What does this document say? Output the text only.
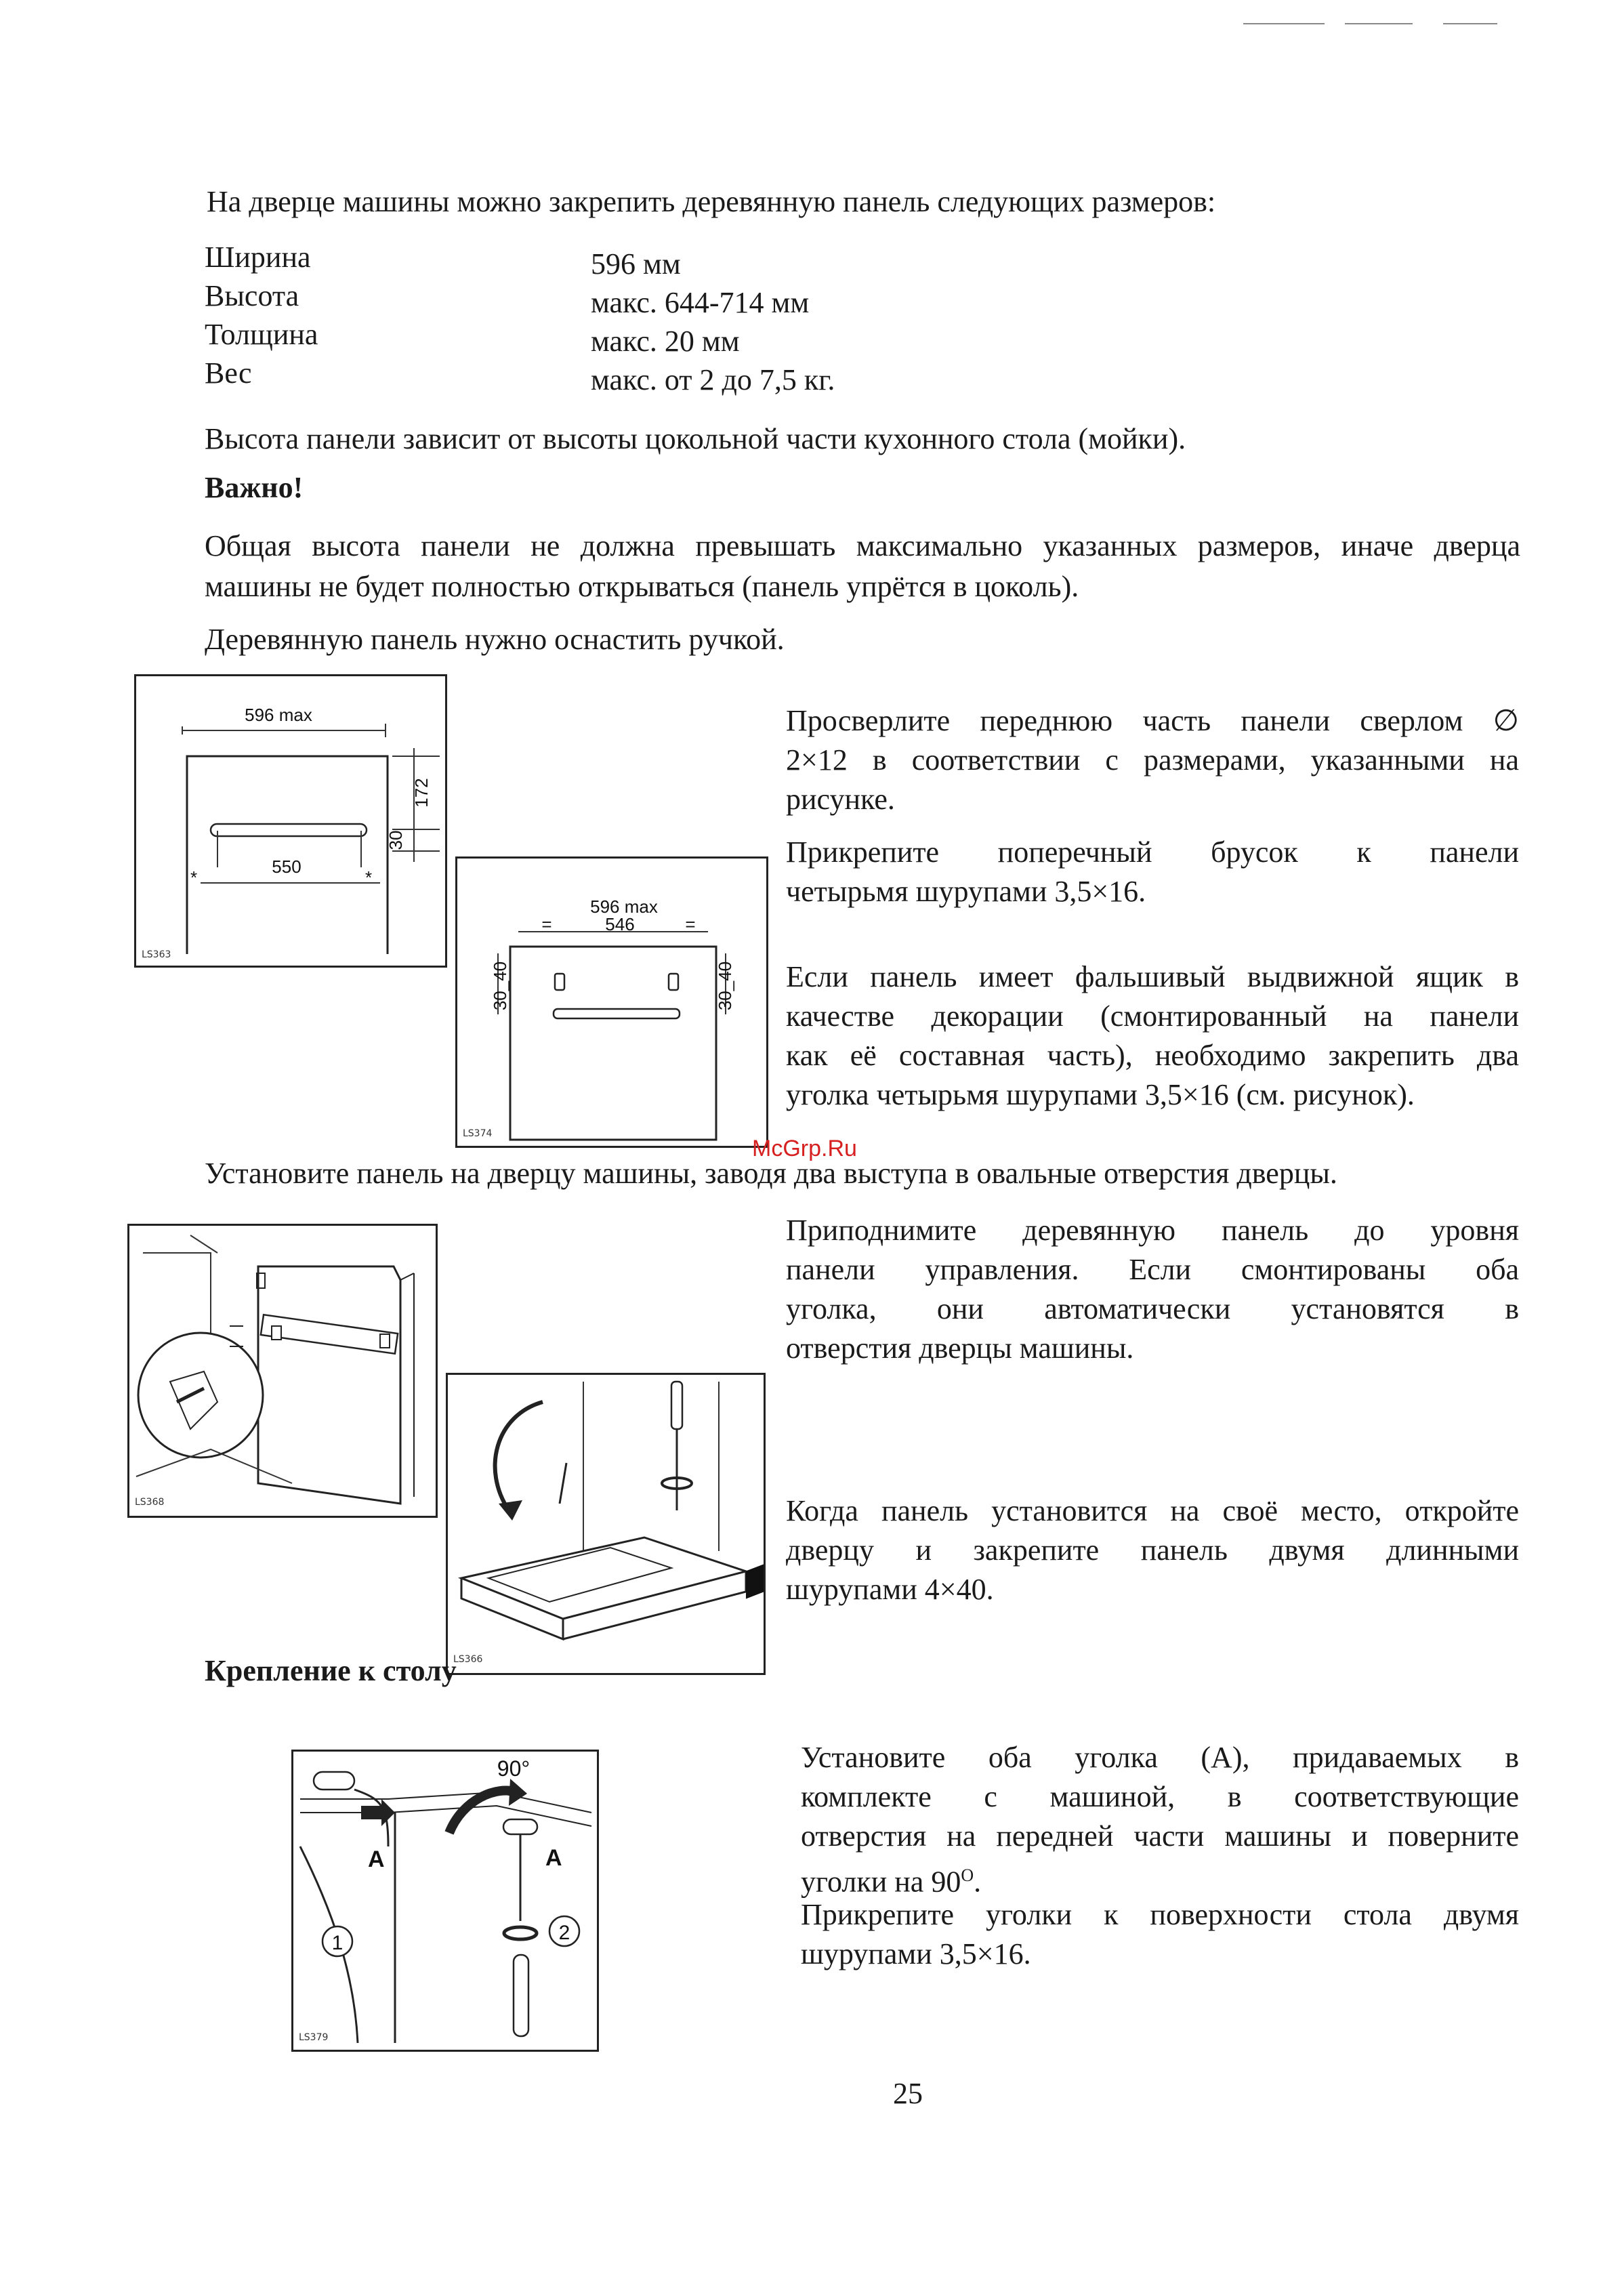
На дверце машины можно закрепить деревянную панель следующих размеров:
Ширина	596 мм
Высота	макс. 644-714 мм
Толщина	макс. 20 мм
Вес	макс. от 2 до 7,5 кг.
Высота панели зависит от высоты цокольной части кухонного стола (мойки).
Важно!
Общая высота панели не должна превышать максимально указанных размеров, иначе дверца
машины не будет полностью открываться (панель упрётся в цоколь).
Деревянную панель нужно оснастить ручкой.
596 max
550
*	*
172
30
LS363
596 max
546
=	=
30_40	30_40
LS374
Просверлите переднюю часть панели сверлом ∅
2×12 в соответствии с размерами, указанными на
рисунке.
Прикрепите поперечный брусок к панели
четырьмя шурупами 3,5×16.
Если панель имеет фальшивый выдвижной ящик в
качестве декорации (смонтированный на панели
как её составная часть), необходимо закрепить два
уголка четырьмя шурупами 3,5×16 (см. рисунок).
McGrp.Ru
Установите панель на дверцу машины, заводя два выступа в овальные отверстия дверцы.
LS368
LS366
Приподнимите деревянную панель до уровня
панели управления. Если смонтированы оба
уголка, они автоматически установятся в
отверстия дверцы машины.
Когда панель установится на своё место, откройте
дверцу и закрепите панель двумя длинными
шурупами 4×40.
Крепление к столу
A
1
90°
A
2
LS379
Установите оба уголка (А), придаваемых в
комплекте с машиной, в соответствующие
отверстия на передней части машины и поверните
уголки на $90^O$.
Прикрепите уголки к поверхности стола двумя
шурупами 3,5×16.
25
